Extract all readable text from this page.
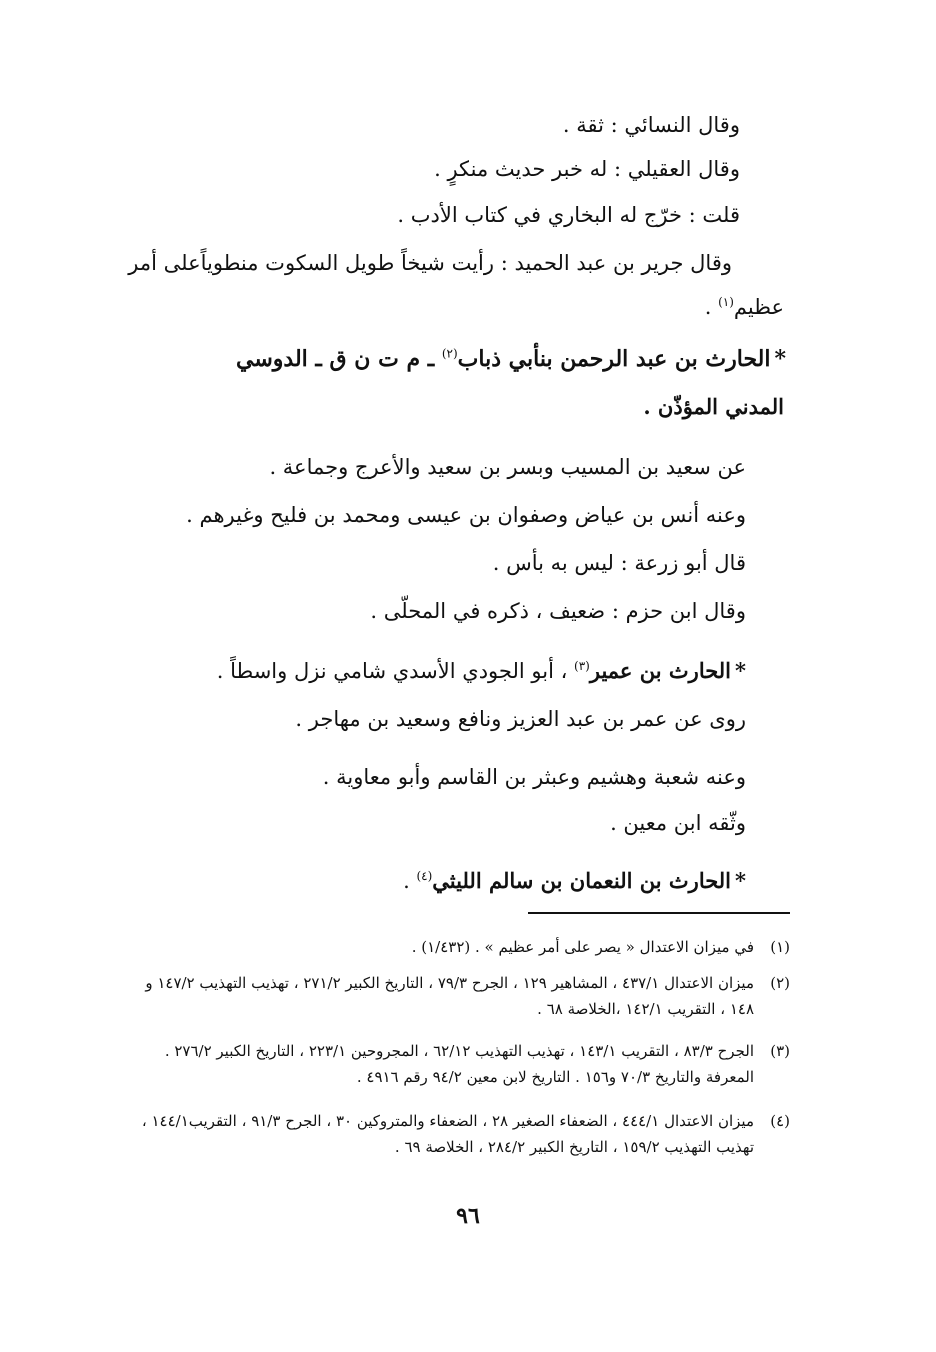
وقال النسائي : ثقة .
وقال العقيلي : له خبر حديث منكرٍ .
قلت : خرّج له البخاري في كتاب الأدب .
وقال جرير بن عبد الحميد : رأيت شيخاً طويل السكوت منطوياًعلى أمر
عظيم$^{(١)}$ .
*الحارث بن عبد الرحمن بنأبي ذباب$^{(٢)}$ ـ م ت ن ق ـ الدوسي
المدني المؤذّن .
عن سعيد بن المسيب وبسر بن سعيد والأعرج وجماعة .
وعنه أنس بن عياض وصفوان بن عيسى ومحمد بن فليح وغيرهم .
قال أبو زرعة : ليس به بأس .
وقال ابن حزم : ضعيف ، ذكره في المحلّى .
*الحارث بن عمير$^{(٣)}$ ، أبو الجودي الأسدي شامي نزل واسطاً .
روى عن عمر بن عبد العزيز ونافع وسعيد بن مهاجر .
وعنه شعبة وهشيم وعبثر بن القاسم وأبو معاوية .
وثّقه ابن معين .
*الحارث بن النعمان بن سالم الليثي$^{(٤)}$ .
(١)
في ميزان الاعتدال « يصر على أمر عظيم » . (١/٤٣٢) .
(٢)
ميزان الاعتدال ٤٣٧/١ ، المشاهير ١٢٩ ، الجرح ٧٩/٣ ، التاريخ الكبير ٢٧١/٢ ، تهذيب التهذيب ١٤٧/٢ و ١٤٨ ، التقريب ١٤٢/١ ،الخلاصة ٦٨ .
(٣)
الجرح ٨٣/٣ ، التقريب ١٤٣/١ ، تهذيب التهذيب ٦٢/١٢ ، المجروحين ٢٢٣/١ ، التاريخ الكبير ٢٧٦/٢ . المعرفة والتاريخ ٧٠/٣ و١٥٦ . التاريخ لابن معين ٩٤/٢ رقم ٤٩١٦ .
(٤)
ميزان الاعتدال ٤٤٤/١ ، الضعفاء الصغير ٢٨ ، الضعفاء والمتروكين ٣٠ ، الجرح ٩١/٣ ، التقريب١٤٤/١ ، تهذيب التهذيب ١٥٩/٢ ، التاريخ الكبير ٢٨٤/٢ ، الخلاصة ٦٩ .
٩٦
